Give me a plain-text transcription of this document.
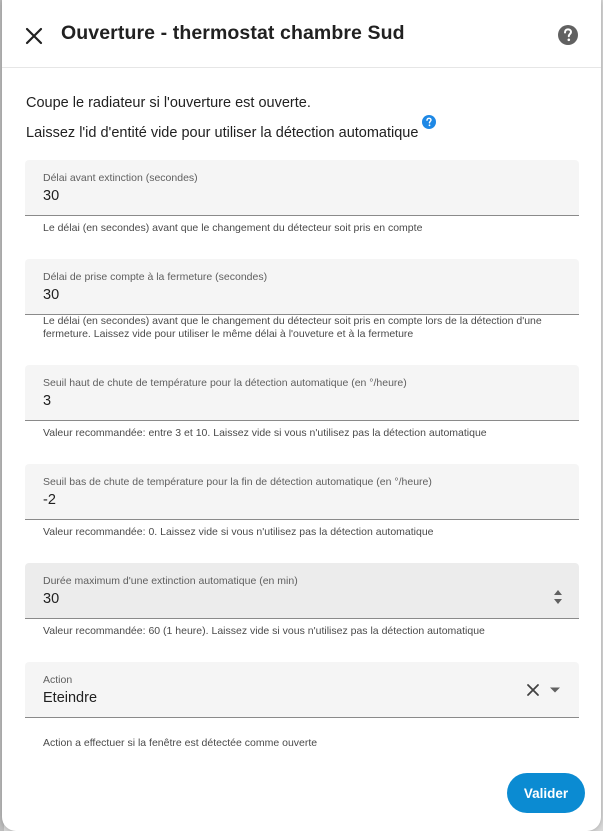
Ouverture - thermostat chambre Sud
Coupe le radiateur si l'ouverture est ouverte.
Laissez l'id d'entité vide pour utiliser la détection automatique
Délai avant extinction (secondes)
30
Le délai (en secondes) avant que le changement du détecteur soit pris en compte
Délai de prise compte à la fermeture (secondes)
30
Le délai (en secondes) avant que le changement du détecteur soit pris en compte lors de la détection d'une fermeture. Laissez vide pour utiliser le même délai à l'ouveture et à la fermeture
Seuil haut de chute de température pour la détection automatique (en °/heure)
3
Valeur recommandée: entre 3 et 10. Laissez vide si vous n'utilisez pas la détection automatique
Seuil bas de chute de température pour la fin de détection automatique (en °/heure)
-2
Valeur recommandée: 0. Laissez vide si vous n'utilisez pas la détection automatique
Durée maximum d'une extinction automatique (en min)
30
Valeur recommandée: 60 (1 heure). Laissez vide si vous n'utilisez pas la détection automatique
Action
Eteindre
Action a effectuer si la fenêtre est détectée comme ouverte
Valider
